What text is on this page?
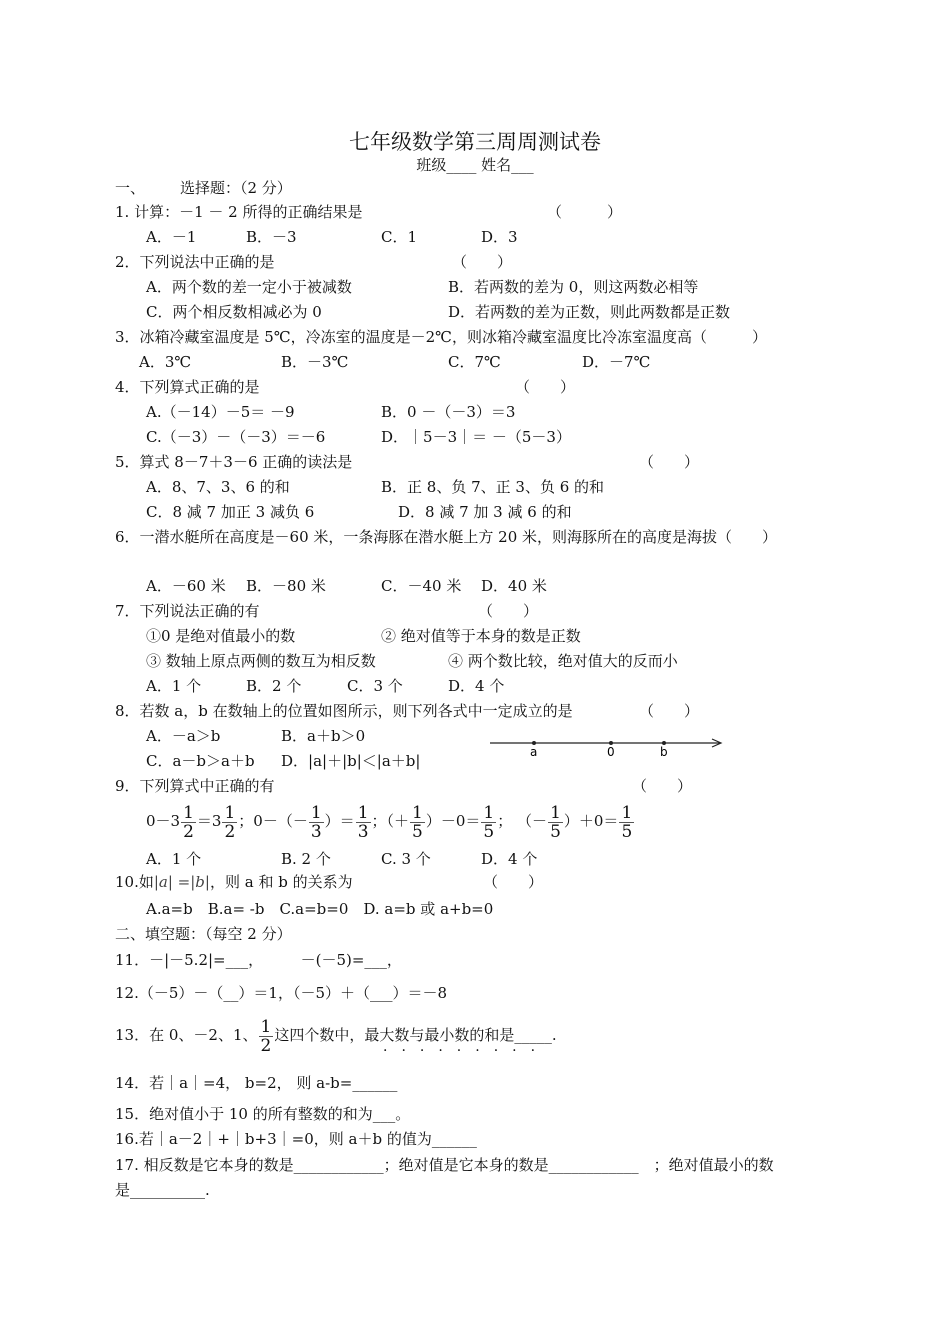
七年级数学第三周周测试卷
班级____ 姓名___
一、 选择题：（2 分）
1. 计算：－1 － 2 所得的正确结果是	（　　　）
A．－1	B．－3	C．1	D．3
2．下列说法中正确的是	（　　）
A．两个数的差一定小于被减数	B．若两数的差为 0，则这两数必相等
C．两个相反数相减必为 0	D．若两数的差为正数，则此两数都是正数
3．冰箱冷藏室温度是 5℃，冷冻室的温度是－2℃，则冰箱冷藏室温度比冷冻室温度高（　　　）
A．3℃	B．－3℃	C．7℃	D．－7℃
4．下列算式正确的是	（　　）
A.（－14）－5＝ －9	B．0 －（－3）＝3
C.（－3）－（－3）＝－6	D．｜5－3｜＝ －（5－3）
5．算式 8－7＋3－6 正确的读法是	（　　）
A．8、7、3、6 的和	B．正 8、负 7、正 3、负 6 的和
C．8 减 7 加正 3 减负 6	D．8 减 7 加 3 减 6 的和
6．一潜水艇所在高度是－60 米，一条海豚在潜水艇上方 20 米，则海豚所在的高度是海拔（　　）
A．－60 米 B．－80 米	C．－40 米 D．40 米
7．下列说法正确的有	（　　）
①0 是绝对值最小的数	② 绝对值等于本身的数是正数
③ 数轴上原点两侧的数互为相反数	④ 两个数比较，绝对值大的反而小
A．1 个	B．2 个	C．3 个	D．4 个
8．若数 a，b 在数轴上的位置如图所示，则下列各式中一定成立的是	（　　）
A．－a＞b	B．a＋b＞0
C．a－b＞a＋b D．|a|＋|b|＜|a＋b|	a	0	b
9．下列算式中正确的有	（　　）
$0-3 \frac{1}{2} =3 \frac{1}{2}$ ；$0-(- \frac{1}{3}$ ）＝ $\frac{1}{3}$ ；（＋ $\frac{1}{5} )-0= \frac{1}{5}$ ； （－ $\frac{1}{5} )+0= \frac{1}{5}$
A．1 个	B. 2 个	C. 3 个	D．4 个
10.如|a| =|b|，则 a 和 b 的关系为	（　　）
A.a=b　B.a= -b　C.a=b=0　D. a=b 或 a+b=0
二、填空题：（每空 2 分）
11．－|－5.2|=___，　　　－(－5)=___，
12.（－5）－（__）＝1，（－5）＋（___）＝－8
13．在 0、－2、1、 $\frac{1}{2}$ 这四个数中，最大数与最小数的和是_____.
·········
14．若｜a｜=4， b=2， 则 a-b=______
15．绝对值小于 10 的所有整数的和为___。
16.若｜a－2｜+｜b+3｜=0，则 a＋b 的值为______
17. 相反数是它本身的数是____________；绝对值是它本身的数是____________　；绝对值最小的数
是__________.
